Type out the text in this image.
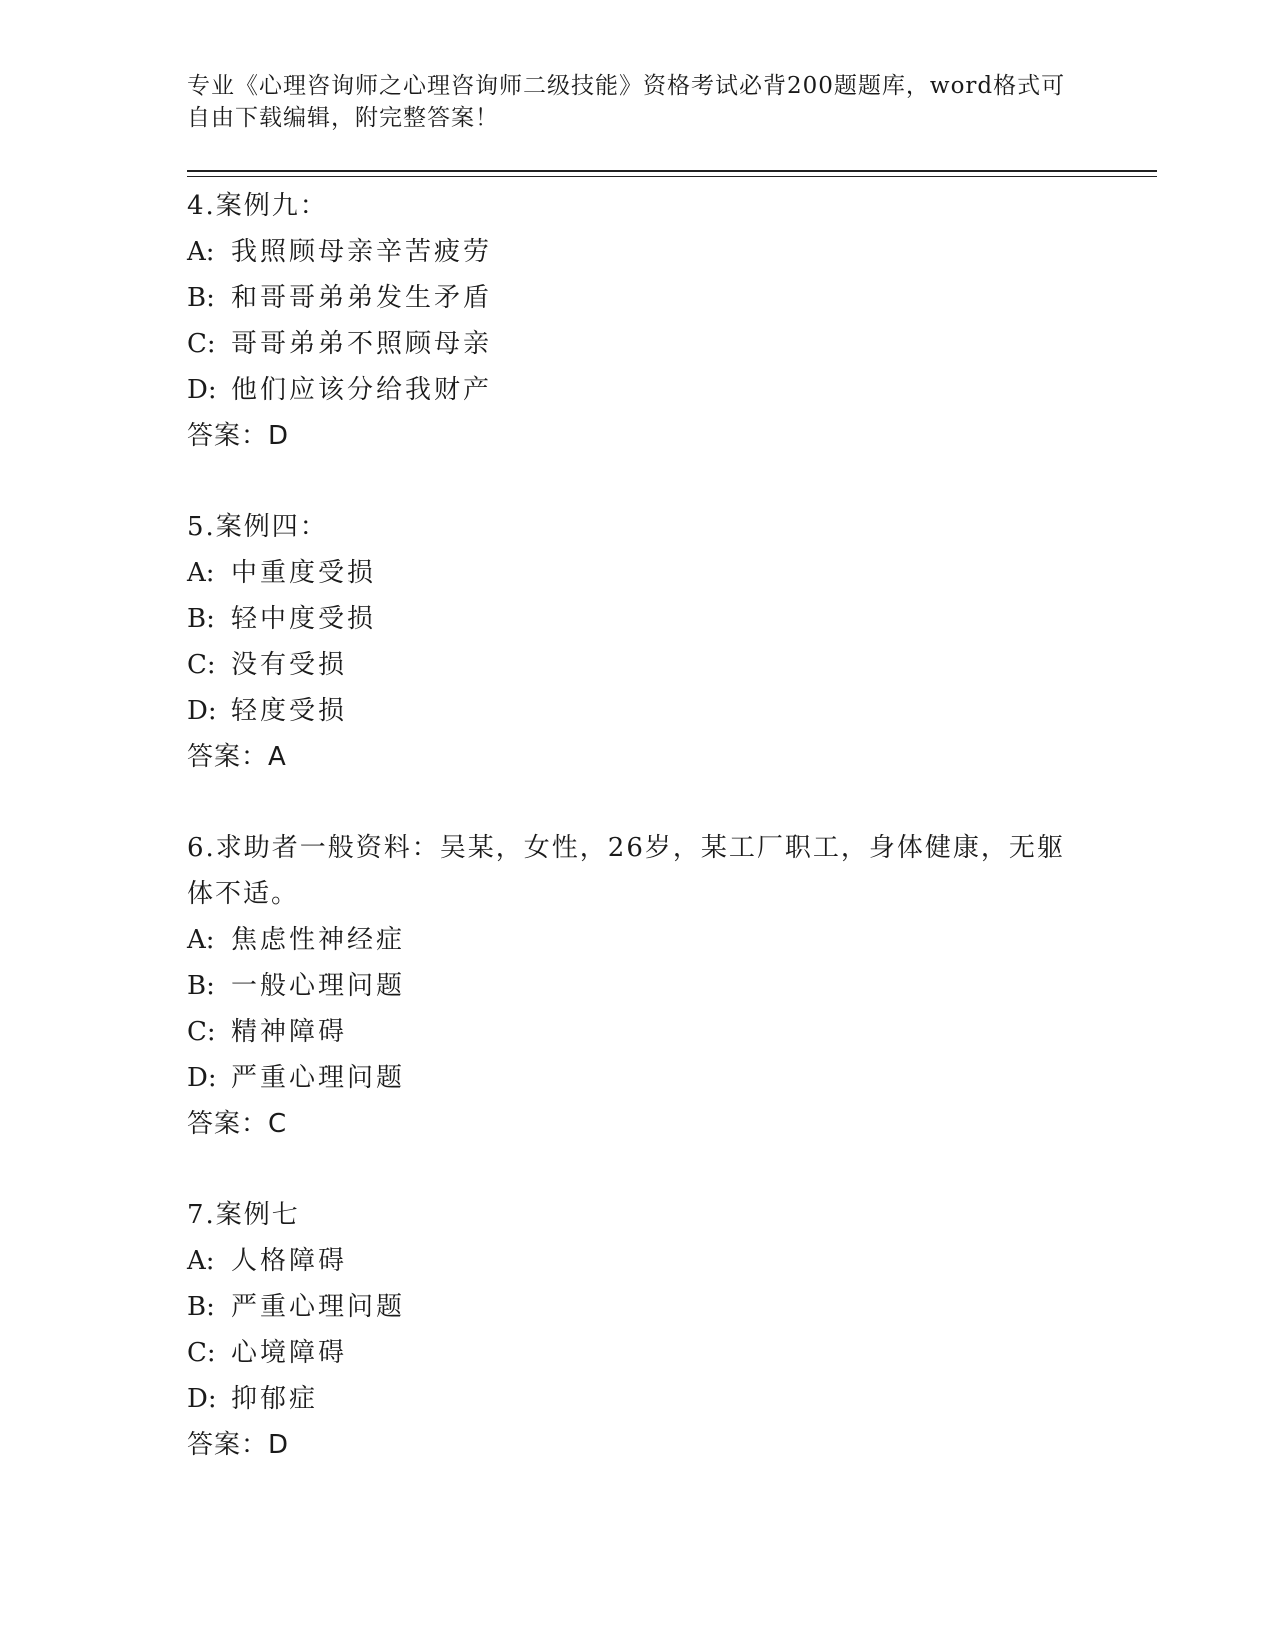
专业《心理咨询师之心理咨询师二级技能》资格考试必背200题题库，word格式可自由下载编辑，附完整答案！

4.案例九：

A: 我照顾母亲辛苦疲劳

B: 和哥哥弟弟发生矛盾

C: 哥哥弟弟不照顾母亲

D: 他们应该分给我财产

答案：D

5.案例四：

A: 中重度受损

B: 轻中度受损

C: 没有受损

D: 轻度受损

答案：A

6.求助者一般资料：吴某，女性，26岁，某工厂职工，身体健康，无躯体不适。

A: 焦虑性神经症

B: 一般心理问题

C: 精神障碍

D: 严重心理问题

答案：C

7.案例七

A: 人格障碍

B: 严重心理问题

C: 心境障碍

D: 抑郁症

答案：D
